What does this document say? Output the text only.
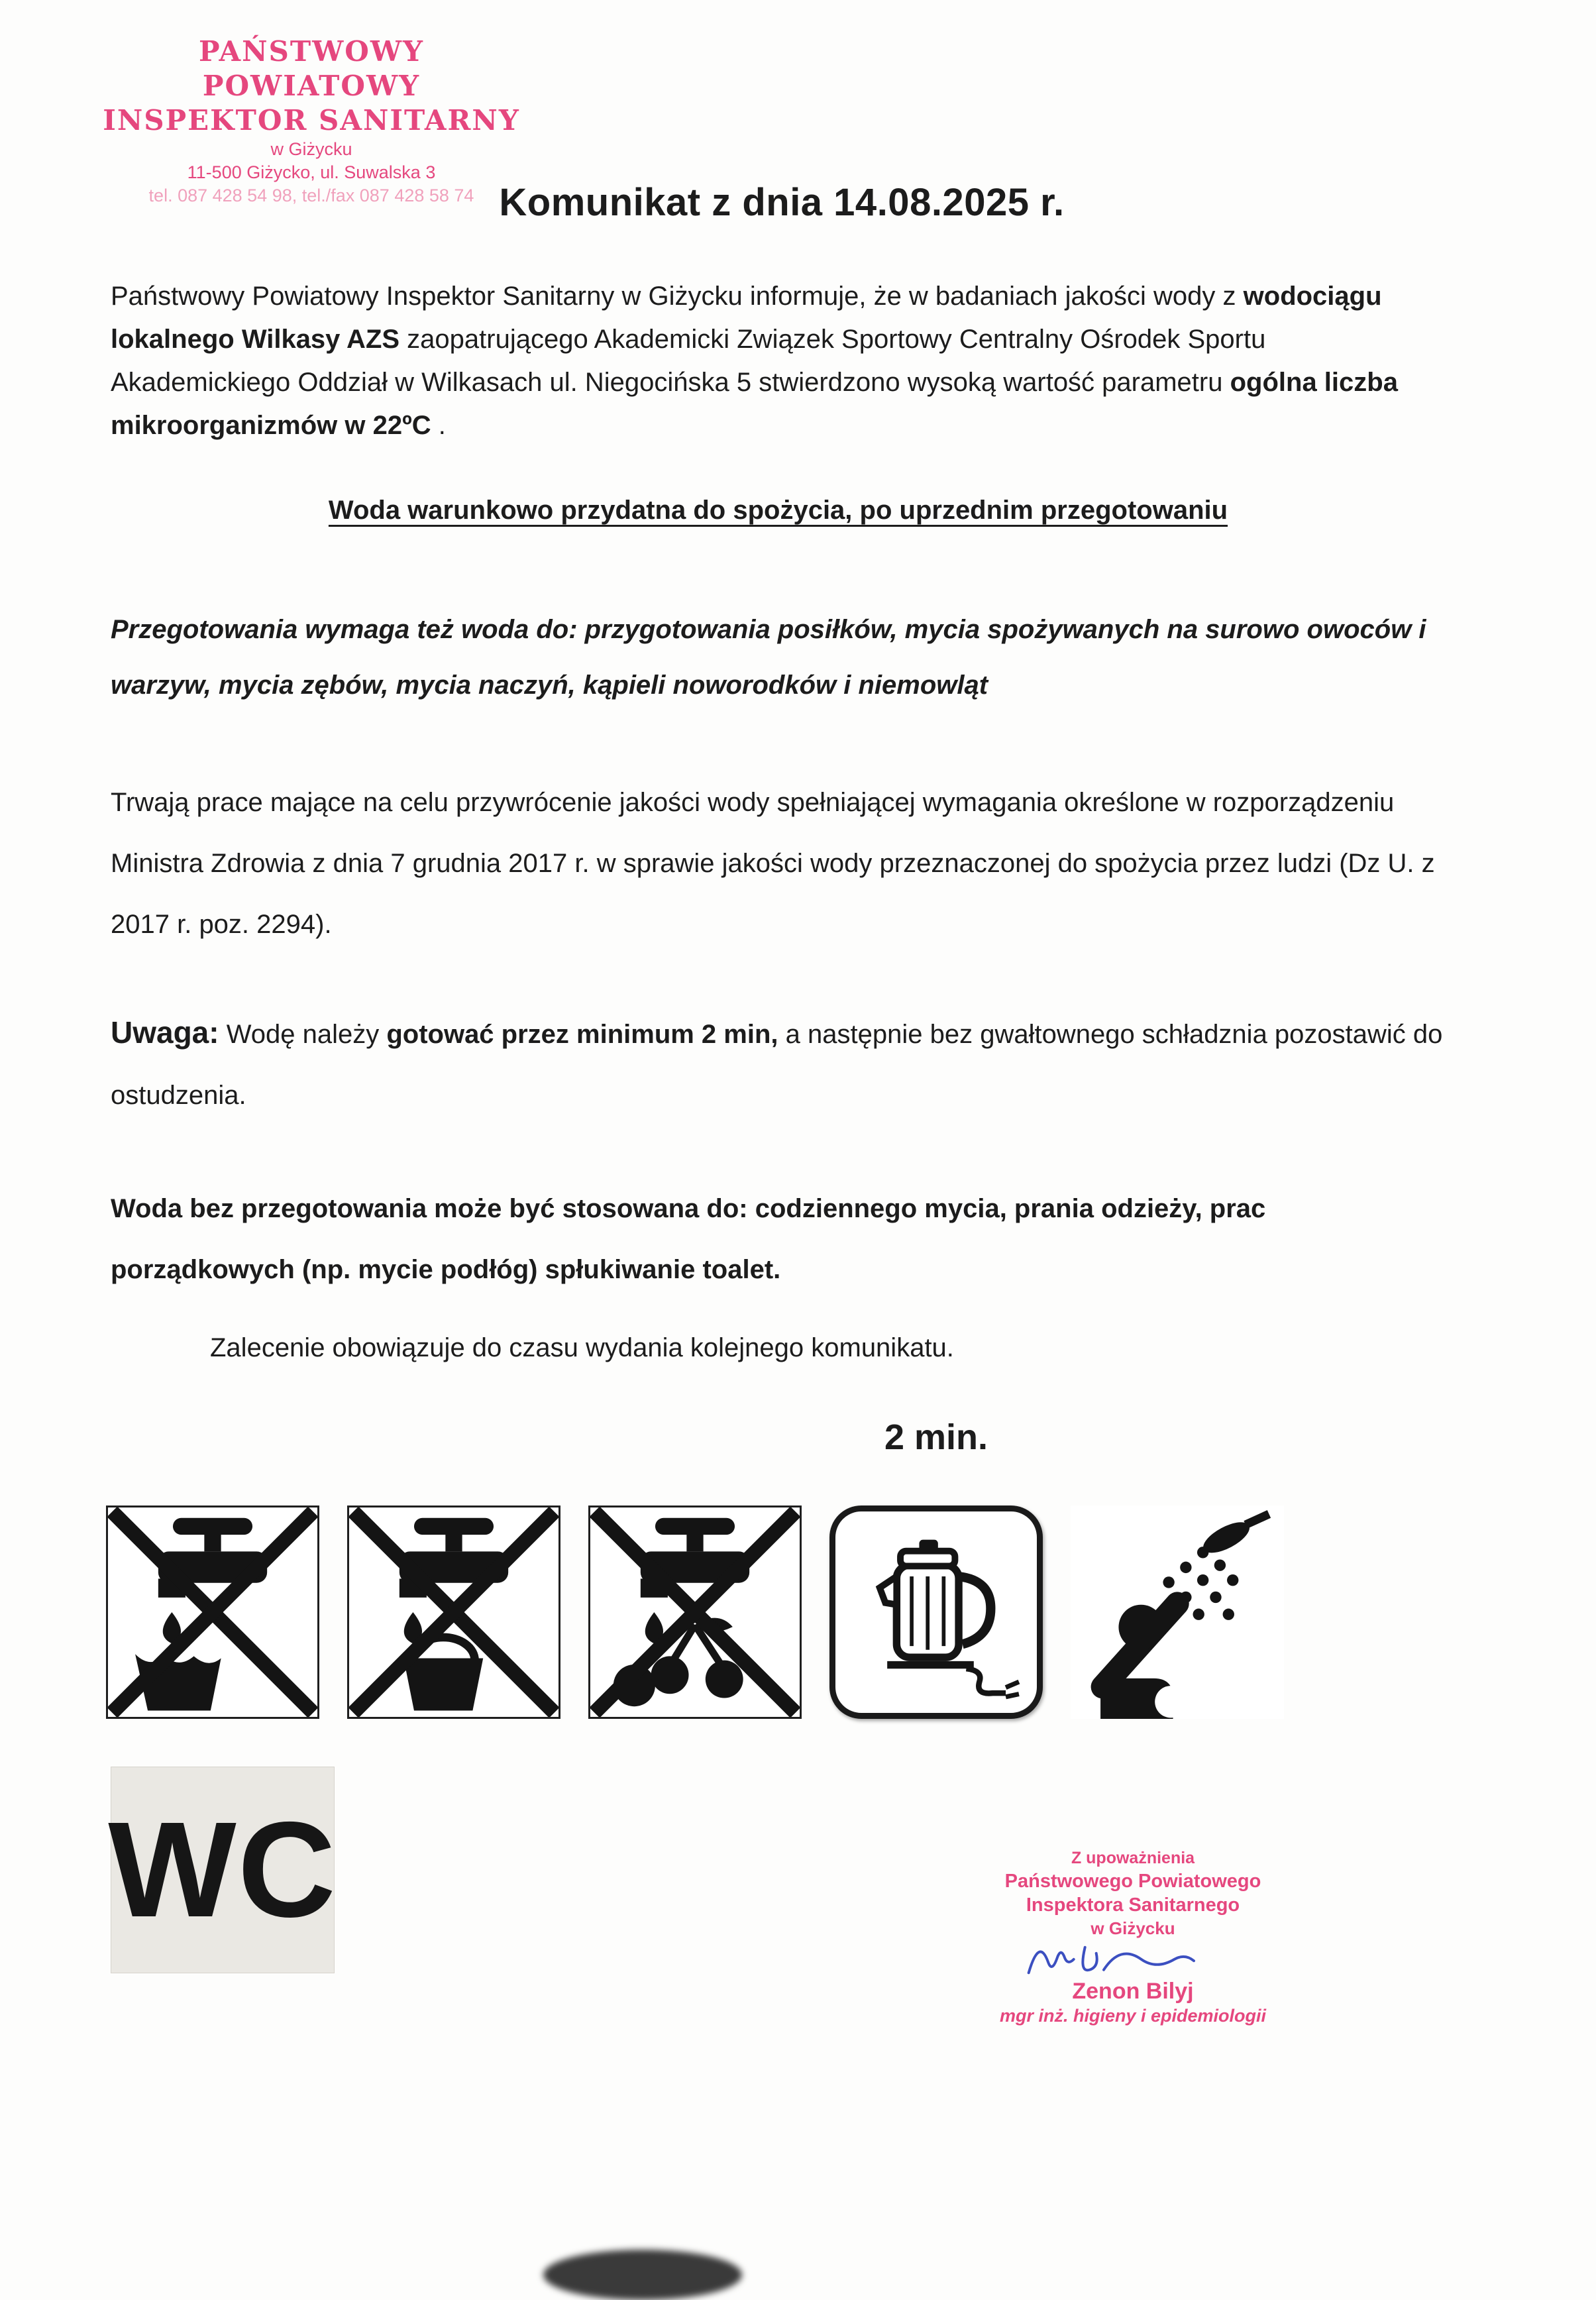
PAŃSTWOWY POWIATOWY
INSPEKTOR SANITARNY
w Giżycku
11-500 Giżycko, ul. Suwalska 3
tel. 087 428 54 98, tel./fax 087 428 58 74 Komunikat z dnia 14.08.2025 r.

Państwowy Powiatowy Inspektor Sanitarny w Giżycku informuje, że w badaniach jakości wody z wodociągu lokalnego Wilkasy AZS zaopatrującego Akademicki Związek Sportowy Centralny Ośrodek Sportu Akademickiego Oddział w Wilkasach ul. Niegocińska 5 stwierdzono wysoką wartość parametru ogólna liczba mikroorganizmów w 22ºC .

Woda warunkowo przydatna do spożycia, po uprzednim przegotowaniu

Przegotowania wymaga też woda do: przygotowania posiłków, mycia spożywanych na surowo owoców i warzyw, mycia zębów, mycia naczyń, kąpieli noworodków i niemowląt

Trwają prace mające na celu przywrócenie jakości wody spełniającej wymagania określone w rozporządzeniu Ministra Zdrowia z dnia 7 grudnia 2017 r. w sprawie jakości wody przeznaczonej do spożycia przez ludzi (Dz U. z 2017 r. poz. 2294).

Uwaga: Wodę należy gotować przez minimum 2 min, a następnie bez gwałtownego schładznia pozostawić do ostudzenia.

Woda bez przegotowania może być stosowana do: codziennego mycia, prania odzieży, prac porządkowych (np. mycie podłóg) spłukiwanie toalet.

Zalecenie obowiązuje do czasu wydania kolejnego komunikatu.

2 min.
WC	Z upoważnienia
Państwowego Powiatowego
Inspektora Sanitarnego
w Giżycku
Zenon Bilyj
mgr inż. higieny i epidemiologii
